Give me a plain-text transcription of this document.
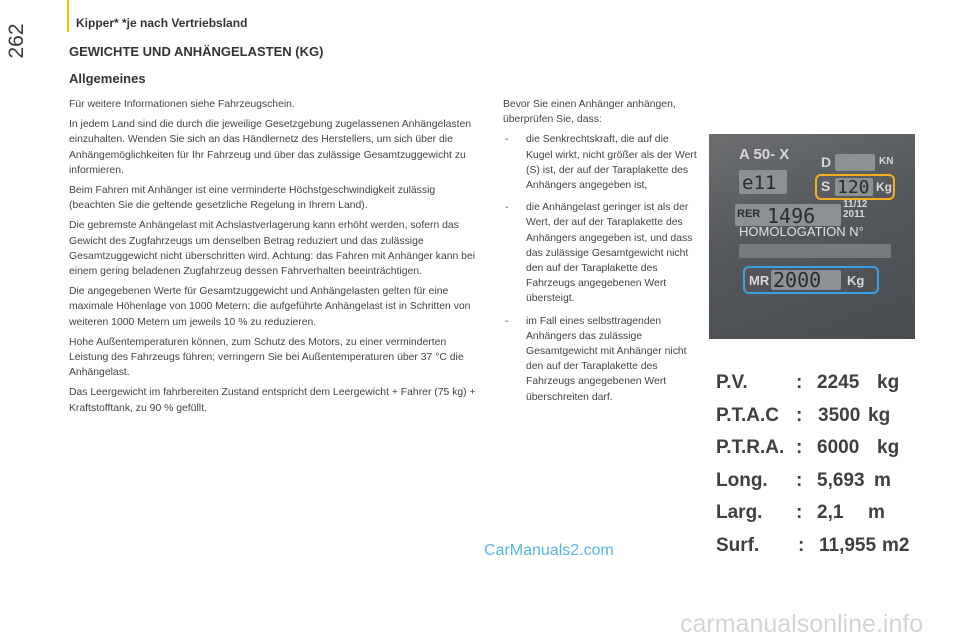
262
Kipper* *je nach Vertriebsland
GEWICHTE UND ANHÄNGELASTEN (KG)
Allgemeines

Für weitere Informationen siehe Fahrzeugschein.

In jedem Land sind die durch die jeweilige Gesetzgebung zugelassenen Anhängelasten einzuhalten. Wenden Sie sich an das Händlernetz des Herstellers, um sich über die Anhängemöglichkeiten für Ihr Fahrzeug und über das zulässige Gesamtzuggewicht zu informieren.

Beim Fahren mit Anhänger ist eine verminderte Höchstgeschwindigkeit zulässig (beachten Sie die geltende gesetzliche Regelung in Ihrem Land).

Die gebremste Anhängelast mit Achslastverlagerung kann erhöht werden, sofern das Gewicht des Zugfahrzeugs um denselben Betrag reduziert und das zulässige Gesamtzuggewicht nicht überschritten wird. Achtung: das Fahren mit Anhänger kann bei einem gering beladenen Zugfahrzeug dessen Fahrverhalten beeinträchtigen.

Die angegebenen Werte für Gesamtzuggewicht und Anhängelasten gelten für eine maximale Höhenlage von 1000 Metern; die aufgeführte Anhängelast ist in Schritten von weiteren 1000 Metern um jeweils 10 % zu reduzieren.

Hohe Außentemperaturen können, zum Schutz des Motors, zu einer verminderten Leistung des Fahrzeugs führen; verringern Sie bei Außentemperaturen über 37 °C die Anhängelast.

Das Leergewicht im fahrbereiten Zustand entspricht dem Leergewicht + Fahrer (75 kg) + Kraftstofftank, zu 90 % gefüllt.

Bevor Sie einen Anhänger anhängen, überprüfen Sie, dass:

- die Senkrechtskraft, die auf die Kugel wirkt, nicht größer als der Wert (S) ist, der auf der Taraplakette des Anhängers angegeben ist,
- die Anhängelast geringer ist als der Wert, der auf der Taraplakette des Anhängers angegeben ist, und dass das zulässige Gesamtgewicht nicht den auf der Taraplakette des Fahrzeugs angegebenen Wert übersteigt.
- im Fall eines selbsttragenden Anhängers das zulässige Gesamtgewicht mit Anhänger nicht den auf der Taraplakette des Fahrzeugs angegebenen Wert überschreiten darf.
A 50- X D	KN
e11	S 120 Kg
RER 1496	11/12
2011
HOMOLOGATION N°
MR 2000 Kg
P.V.	: 2245 kg
P.T.A.C : 3500 kg
P.T.R.A. : 6000 kg
Long. : 5,693 m
Larg. : 2,1 m
Surf. : 11,955 m2
CarManuals2.com
carmanualsonline.info
